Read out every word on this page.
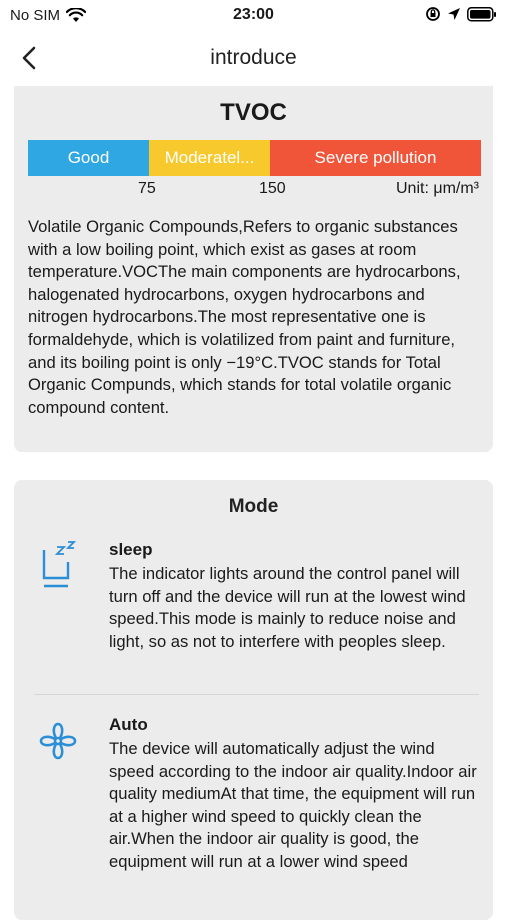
No SIM	23:00
introduce
TVOC
Good	Moderatel...	Severe pollution
75	150	Unit: μm/m³
Volatile Organic Compounds,Refers to organic substances with a low boiling point, which exist as gases at room temperature.VOCThe main components are hydrocarbons, halogenated hydrocarbons, oxygen hydrocarbons and nitrogen hydrocarbons.The most representative one is formaldehyde, which is volatilized from paint and furniture, and its boiling point is only −19°C.TVOC stands for Total Organic Compunds, which stands for total volatile organic compound content.
Mode
sleep
The indicator lights around the control panel will turn off and the device will run at the lowest wind speed.This mode is mainly to reduce noise and light, so as not to interfere with peoples sleep.
Auto
The device will automatically adjust the wind speed according to the indoor air quality.Indoor air quality mediumAt that time, the equipment will run at a higher wind speed to quickly clean the air.When the indoor air quality is good, the equipment will run at a lower wind speed
